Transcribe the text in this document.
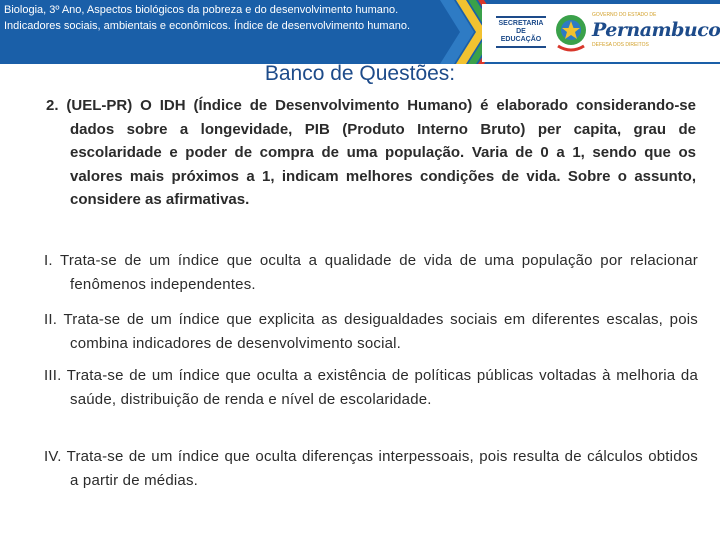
Biologia, 3º Ano, Aspectos biológicos da pobreza e do desenvolvimento humano. Indicadores sociais, ambientais e econômicos. Índice de desenvolvimento humano.	SECRETARIA
DE EDUCAÇÃO
GOVERNO DO ESTADO DE
Pernambuco
DEFESA DOS DIREITOS
Banco de Questões:
2. (UEL-PR) O IDH (Índice de Desenvolvimento Humano) é elaborado considerando-se dados sobre a longevidade, PIB (Produto Interno Bruto) per capita, grau de escolaridade e poder de compra de uma população. Varia de 0 a 1, sendo que os valores mais próximos a 1, indicam melhores condições de vida. Sobre o assunto, considere as afirmativas.
I. Trata-se de um índice que oculta a qualidade de vida de uma população por relacionar fenômenos independentes.
II. Trata-se de um índice que explicita as desigualdades sociais em diferentes escalas, pois combina indicadores de desenvolvimento social.
III. Trata-se de um índice que oculta a existência de políticas públicas voltadas à melhoria da saúde, distribuição de renda e nível de escolaridade.
IV. Trata-se de um índice que oculta diferenças interpessoais, pois resulta de cálculos obtidos a partir de médias.
